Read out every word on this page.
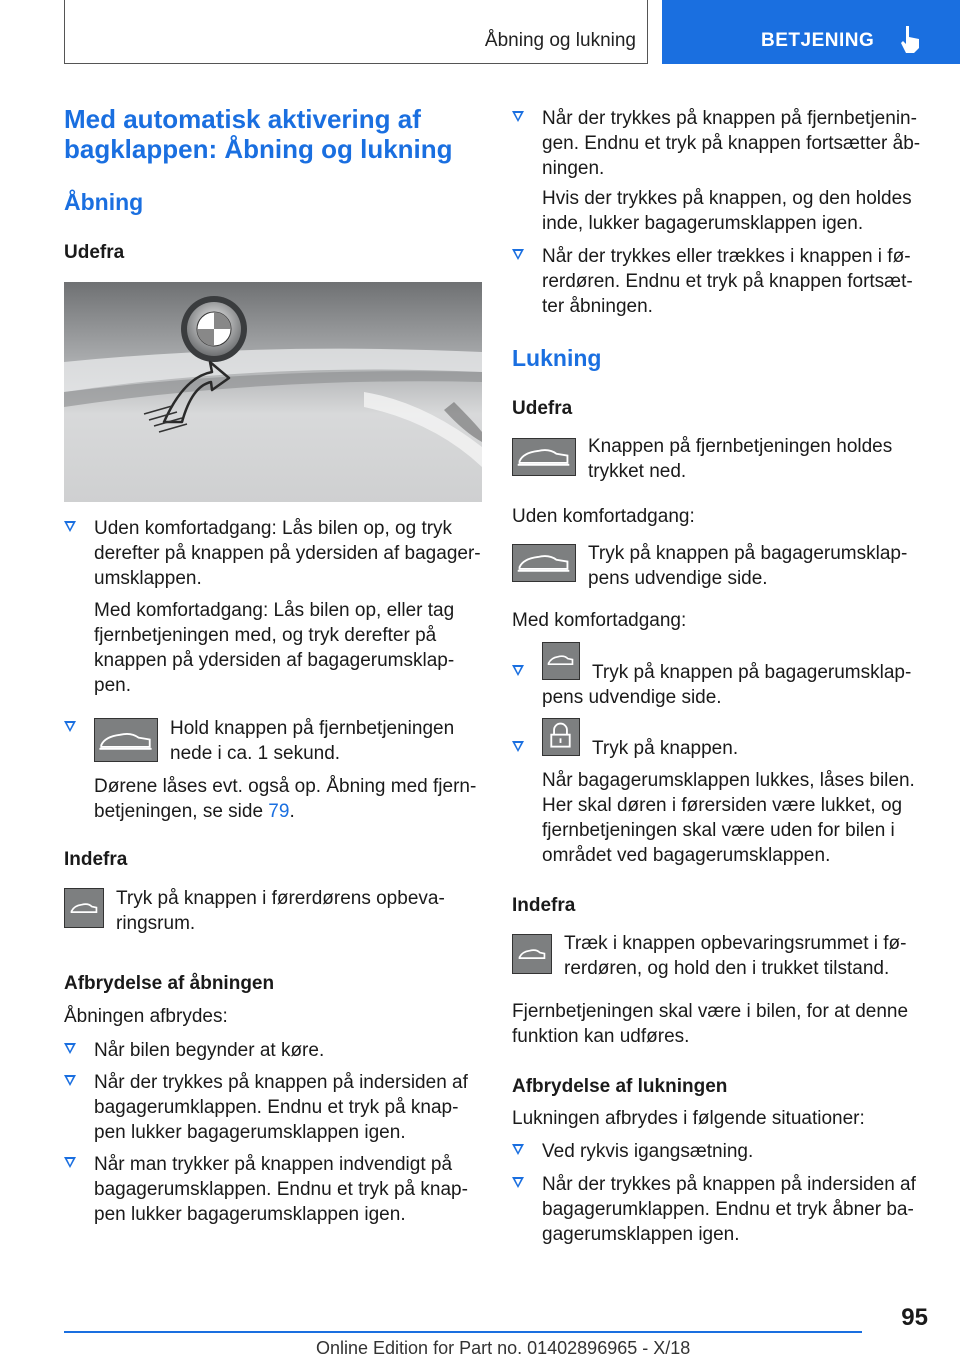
Åbning og lukning	BETJENING
Med automatisk aktivering af bagklappen: Åbning og lukning
Åbning
Udefra
Uden komfortadgang: Lås bilen op, og tryk derefter på knappen på ydersiden af bagagerumsklappen.
Med komfortadgang: Lås bilen op, eller tag fjernbetjeningen med, og tryk derefter på knappen på ydersiden af bagagerumsklappen.
Hold knappen på fjernbetjeningen nede i ca. 1 sekund.
Dørene låses evt. også op. Åbning med fjernbetjeningen, se side 79.
Indefra
Tryk på knappen i førerdørens opbevaringsrum.
Afbrydelse af åbningen
Åbningen afbrydes:
Når bilen begynder at køre.
Når der trykkes på knappen på indersiden af bagagerumklappen. Endnu et tryk på knappen lukker bagagerumsklappen igen.
Når man trykker på knappen indvendigt på bagagerumsklappen. Endnu et tryk på knappen lukker bagagerumsklappen igen.
Når der trykkes på knappen på fjernbetjeningen. Endnu et tryk på knappen fortsætter åbningen.
Hvis der trykkes på knappen, og den holdes inde, lukker bagagerumsklappen igen.
Når der trykkes eller trækkes i knappen i førerdøren. Endnu et tryk på knappen fortsætter åbningen.
Lukning
Udefra
Knappen på fjernbetjeningen holdes trykket ned.
Uden komfortadgang:
Tryk på knappen på bagagerumsklappens udvendige side.
Med komfortadgang:
Tryk på knappen på bagagerumsklappens udvendige side.
Tryk på knappen.
Når bagagerumsklappen lukkes, låses bilen. Her skal døren i førersiden være lukket, og fjernbetjeningen skal være uden for bilen i området ved bagagerumsklappen.
Indefra
Træk i knappen opbevaringsrummet i førerdøren, og hold den i trukket tilstand.
Fjernbetjeningen skal være i bilen, for at denne funktion kan udføres.
Afbrydelse af lukningen
Lukningen afbrydes i følgende situationer:
Ved rykvis igangsætning.
Når der trykkes på knappen på indersiden af bagagerumklappen. Endnu et tryk åbner bagagerumsklappen igen.
95
Online Edition for Part no. 01402896965 - X/18
